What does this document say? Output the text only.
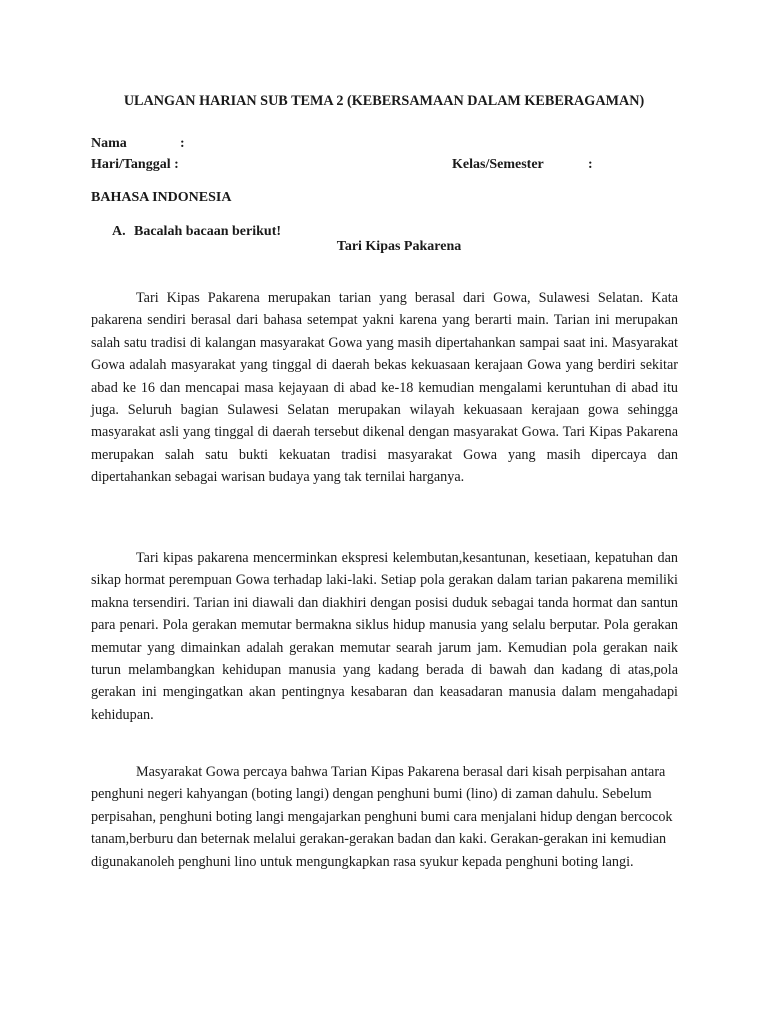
ULANGAN HARIAN SUB TEMA 2 (KEBERSAMAAN DALAM KEBERAGAMAN)
Nama	:
Hari/Tanggal :	Kelas/Semester	:
BAHASA INDONESIA
A. Bacalah bacaan berikut!
Tari Kipas Pakarena

Tari Kipas Pakarena merupakan tarian yang berasal dari Gowa, Sulawesi Selatan. Kata pakarena sendiri berasal dari bahasa setempat yakni karena yang berarti main. Tarian ini merupakan salah satu tradisi di kalangan masyarakat Gowa yang masih dipertahankan sampai saat ini. Masyarakat Gowa adalah masyarakat yang tinggal di daerah bekas kekuasaan kerajaan Gowa yang berdiri sekitar abad ke 16 dan mencapai masa kejayaan di abad ke-18 kemudian mengalami keruntuhan di abad itu juga. Seluruh bagian Sulawesi Selatan merupakan wilayah kekuasaan kerajaan gowa sehingga masyarakat asli yang tinggal di daerah tersebut dikenal dengan masyarakat Gowa. Tari Kipas Pakarena merupakan salah satu bukti kekuatan tradisi masyarakat Gowa yang masih dipercaya dan dipertahankan sebagai warisan budaya yang tak ternilai harganya.

Tari kipas pakarena mencerminkan ekspresi kelembutan,kesantunan, kesetiaan, kepatuhan dan sikap hormat perempuan Gowa terhadap laki-laki. Setiap pola gerakan dalam tarian pakarena memiliki makna tersendiri. Tarian ini diawali dan diakhiri dengan posisi duduk sebagai tanda hormat dan santun para penari. Pola gerakan memutar bermakna siklus hidup manusia yang selalu berputar. Pola gerakan memutar yang dimainkan adalah gerakan memutar searah jarum jam. Kemudian pola gerakan naik turun melambangkan kehidupan manusia yang kadang berada di bawah dan kadang di atas,pola gerakan ini mengingatkan akan pentingnya kesabaran dan keasadaran manusia dalam mengahadapi kehidupan.

Masyarakat Gowa percaya bahwa Tarian Kipas Pakarena berasal dari kisah perpisahan antara penghuni negeri kahyangan (boting langi) dengan penghuni bumi (lino) di zaman dahulu. Sebelum perpisahan, penghuni boting langi mengajarkan penghuni bumi cara menjalani hidup dengan bercocok tanam,berburu dan beternak melalui gerakan-gerakan badan dan kaki. Gerakan-gerakan ini kemudian digunakanoleh penghuni lino untuk mengungkapkan rasa syukur kepada penghuni boting langi.
